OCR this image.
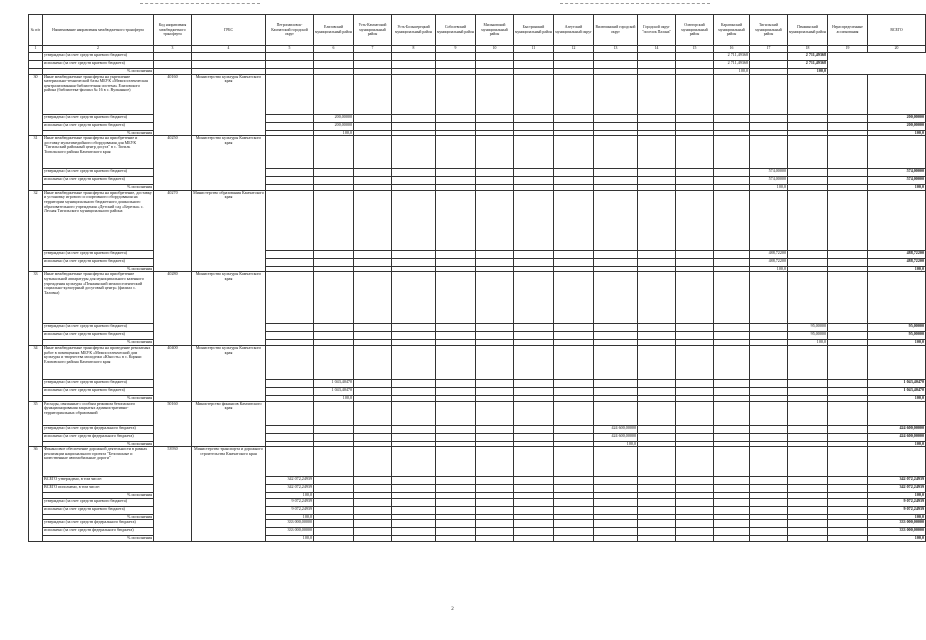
№ п/п	Наименование направления межбюджетного трансферта	Код направления межбюджетного трансферта	ГРБС	Петропавловск-Камчатский городской округ	Елизовский муниципальный район	Усть-Камчатский муниципальный район	Усть-Большерецкий муниципальный район	Соболевский муниципальный район	Мильковский муниципальный район	Быстринский муниципальный район	Алеутский муниципальный округ	Вилючинский городской округ	Городской округ "поселок Палана"	Олюторский муниципальный район	Карагинский муниципальный район	Тигильский муниципальный район	Пенжинский муниципальный район	Нераспределенные ассигнования	ВСЕГО
1	2	3	4	5	6	7	8	9	10	11	12	13	14	15	16	17	18	19	20
	утверждено (за счет средств краевого бюджета)														2 711,49368		2 711,49368		
	исполнено (за счет средств краевого бюджета)														2 711,49368		2 711,49368		
	% исполнения														100,0		100,0		
30	Иные межбюджетные трансферты на укрепление материально-технической базы МБУК «Межпоселенческая централизованная библиотечная система» Елизовского района (библиотека-филиал № 16 в с. Вулканное)	40160	Министерство культуры Камчатского края																
	утверждено (за счет средств краевого бюджета)				200,00000														200,00000
	исполнено (за счет средств краевого бюджета)				200,00000														200,00000
	% исполнения				100,0														100,0
31	Иные межбюджетные трансферты на приобретение и доставку мультимедийного оборудования для МБУК "Тигильский районный центр досуга" в с. Тигиль Тигильского района Камчатского края	40250	Министерство культуры Камчатского края																
	утверждено (за счет средств краевого бюджета)															574,00000			574,00000
	исполнено (за счет средств краевого бюджета)															574,00000			574,00000
	% исполнения															100,0			100,0
32	Иные межбюджетные трансферты на приобретение, доставку и установку игрового и спортивного оборудования на территории муниципального бюджетного дошкольного образовательного учреждения «Детский сад «Березка» с. Лесная Тигильского муниципального района	40270	Министерство образования Камчатского края																
	утверждено (за счет средств краевого бюджета)															488,72200			488,72200
	исполнено (за счет средств краевого бюджета)															488,72200			488,72200
	% исполнения															100,0			100,0
33	Иные межбюджетные трансферты на приобретение музыкальной аппаратуры для муниципального казенного учреждения культуры «Пенжинский межпоселенческий социально-культурный досуговый центр» (филиал с. Таловка)	40280	Министерство культуры Камчатского края																
	утверждено (за счет средств краевого бюджета)																95,00000		95,00000
	исполнено (за счет средств краевого бюджета)																95,00000		95,00000
	% исполнения																100,0		100,0
34	Иные межбюджетные трансферты на проведение ремонтных работ в помещениях МБУК «Межпоселенческий дом культуры и творчества молодежи «Юность» в с. Коряки Елизовского района Камчатского края	40400	Министерство культуры Камчатского края																
	утверждено (за счет средств краевого бюджета)				1 043,40470														1 043,40470
	исполнено (за счет средств краевого бюджета)				1 043,40470														1 043,40470
	% исполнения				100,0														100,0
35	Расходы, связанные с особым режимом безопасного функционирования закрытых административно-территориальных образований	50160	Министерство финансов Камчатского края																
	утверждено (за счет средств федерального бюджета)											424 600,00000							424 600,00000
	исполнено (за счет средств федерального бюджета)											424 600,00000							424 600,00000
	% исполнения											100,0							100,0
36	Финансовое обеспечение дорожной деятельности в рамках реализации национального проекта "Безопасные и качественные автомобильные дороги"	53930	Министерство транспорта и дорожного строительства Камчатского края																
	ВСЕГО утверждено, в том числе:			342 072,24939															342 072,24939
	ВСЕГО исполнено, в том числе:			342 072,24939															342 072,24939
	% исполнения			100,0															100,0
	утверждено (за счет средств краевого бюджета)			9 072,24939															9 072,24939
	исполнено (за счет средств краевого бюджета)			9 072,24939															9 072,24939
	% исполнения			100,0															100,0
	утверждено (за счет средств федерального бюджета)			333 000,00000															333 000,00000
	исполнено (за счет средств федерального бюджета)			333 000,00000															333 000,00000
	% исполнения			100,0															100,0
2
